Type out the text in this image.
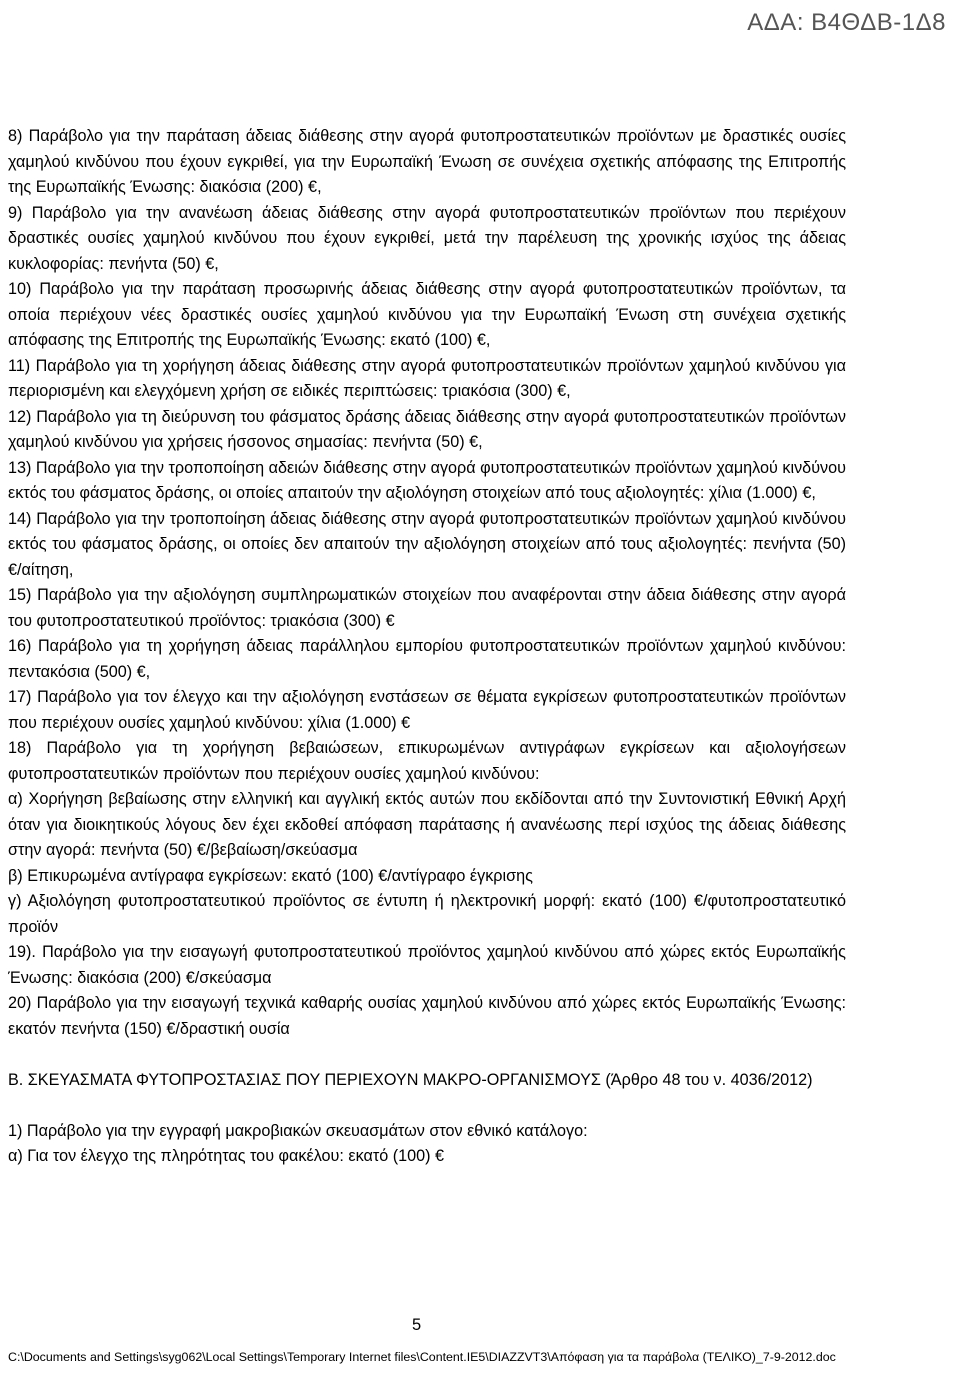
ΑΔΑ: Β4ΘΔΒ-1Δ8

8) Παράβολο για την παράταση άδειας διάθεσης στην αγορά φυτοπροστατευτικών προϊόντων με δραστικές ουσίες χαμηλού κινδύνου που έχουν εγκριθεί, για την Ευρωπαϊκή Ένωση σε συνέχεια σχετικής απόφασης της Επιτροπής της Ευρωπαϊκής Ένωσης: διακόσια (200) €,

9) Παράβολο για την ανανέωση άδειας διάθεσης στην αγορά φυτοπροστατευτικών προϊόντων που περιέχουν δραστικές ουσίες χαμηλού κινδύνου που έχουν εγκριθεί, μετά την παρέλευση της χρονικής ισχύος της άδειας κυκλοφορίας: πενήντα (50) €,

10) Παράβολο για την παράταση προσωρινής άδειας διάθεσης στην αγορά φυτοπροστατευτικών προϊόντων, τα οποία περιέχουν νέες δραστικές ουσίες χαμηλού κινδύνου για την Ευρωπαϊκή Ένωση στη συνέχεια σχετικής απόφασης της Επιτροπής της Ευρωπαϊκής Ένωσης: εκατό (100) €,

11) Παράβολο για τη χορήγηση άδειας διάθεσης στην αγορά φυτοπροστατευτικών προϊόντων χαμηλού κινδύνου για περιορισμένη και ελεγχόμενη χρήση σε ειδικές περιπτώσεις: τριακόσια (300) €,

12) Παράβολο για τη διεύρυνση του φάσματος δράσης άδειας διάθεσης στην αγορά φυτοπροστατευτικών προϊόντων χαμηλού κινδύνου για χρήσεις ήσσονος σημασίας: πενήντα (50) €,

13) Παράβολο για την τροποποίηση αδειών διάθεσης στην αγορά φυτοπροστατευτικών προϊόντων χαμηλού κινδύνου εκτός του φάσματος δράσης, οι οποίες απαιτούν την αξιολόγηση στοιχείων από τους αξιολογητές: χίλια (1.000) €,

14) Παράβολο για την τροποποίηση άδειας διάθεσης στην αγορά φυτοπροστατευτικών προϊόντων χαμηλού κινδύνου εκτός του φάσματος δράσης, οι οποίες δεν απαιτούν την αξιολόγηση στοιχείων από τους αξιολογητές: πενήντα (50) €/αίτηση,

15) Παράβολο για την αξιολόγηση συμπληρωματικών στοιχείων που αναφέρονται στην άδεια διάθεσης στην αγορά του φυτοπροστατευτικού προϊόντος: τριακόσια (300) €

16) Παράβολο για τη χορήγηση άδειας παράλληλου εμπορίου φυτοπροστατευτικών προϊόντων χαμηλού κινδύνου: πεντακόσια (500) €,

17) Παράβολο για τον έλεγχο και την αξιολόγηση ενστάσεων σε θέματα εγκρίσεων φυτοπροστατευτικών προϊόντων που περιέχουν ουσίες χαμηλού κινδύνου: χίλια (1.000) €

18) Παράβολο για τη χορήγηση βεβαιώσεων, επικυρωμένων αντιγράφων εγκρίσεων και αξιολογήσεων φυτοπροστατευτικών προϊόντων που περιέχουν ουσίες χαμηλού κινδύνου:

α) Χορήγηση βεβαίωσης στην ελληνική και αγγλική εκτός αυτών που εκδίδονται από την Συντονιστική Εθνική Αρχή όταν για διοικητικούς λόγους δεν έχει εκδοθεί απόφαση παράτασης ή ανανέωσης περί ισχύος της άδειας διάθεσης στην αγορά: πενήντα (50) €/βεβαίωση/σκεύασμα

β) Επικυρωμένα αντίγραφα εγκρίσεων: εκατό (100) €/αντίγραφο έγκρισης

γ) Αξιολόγηση φυτοπροστατευτικού προϊόντος σε έντυπη ή ηλεκτρονική μορφή: εκατό (100) €/φυτοπροστατευτικό προϊόν

19). Παράβολο για την εισαγωγή φυτοπροστατευτικού προϊόντος χαμηλού κινδύνου από χώρες εκτός Ευρωπαϊκής Ένωσης: διακόσια (200) €/σκεύασμα

20) Παράβολο για την εισαγωγή τεχνικά καθαρής ουσίας χαμηλού κινδύνου από χώρες εκτός Ευρωπαϊκής Ένωσης: εκατόν πενήντα (150) €/δραστική ουσία

Β. ΣΚΕΥΑΣΜΑΤΑ ΦΥΤΟΠΡΟΣΤΑΣΙΑΣ ΠΟΥ ΠΕΡΙΕΧΟΥΝ ΜΑΚΡΟ-ΟΡΓΑΝΙΣΜΟΥΣ (Άρθρο 48 του ν. 4036/2012)

1) Παράβολο για την εγγραφή μακροβιακών σκευασμάτων στον εθνικό κατάλογο:

α) Για τον έλεγχο της πληρότητας του φακέλου: εκατό (100) €

5
C:\Documents and Settings\syg062\Local Settings\Temporary Internet files\Content.IE5\DIAZZVT3\Απόφαση για τα παράβολα (ΤΕΛΙΚΟ)_7-9-2012.doc
